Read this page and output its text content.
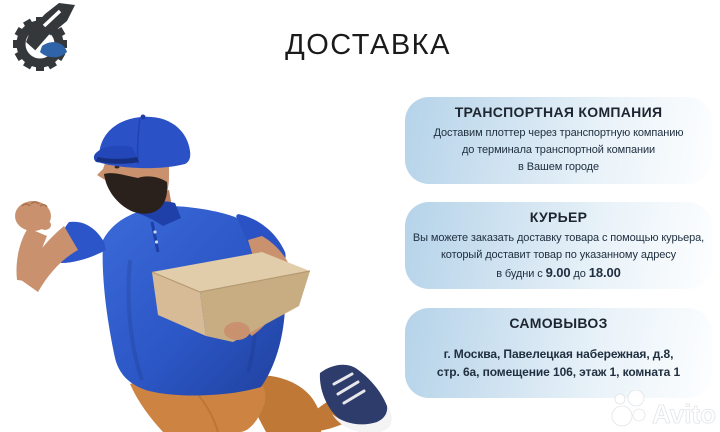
ДОСТАВКА
ТРАНСПОРТНАЯ КОМПАНИЯ
Доставим плоттер через транспортную компанию
до терминала транспортной компании
в Вашем городе
КУРЬЕР
Вы можете заказать доставку товара с помощью курьера,
который доставит товар по указанному адресу
в будни с 9.00 до 18.00
САМОВЫВОЗ
г. Москва, Павелецкая набережная, д.8,
стр. 6а, помещение 106, этаж 1, комната 1
Avito
